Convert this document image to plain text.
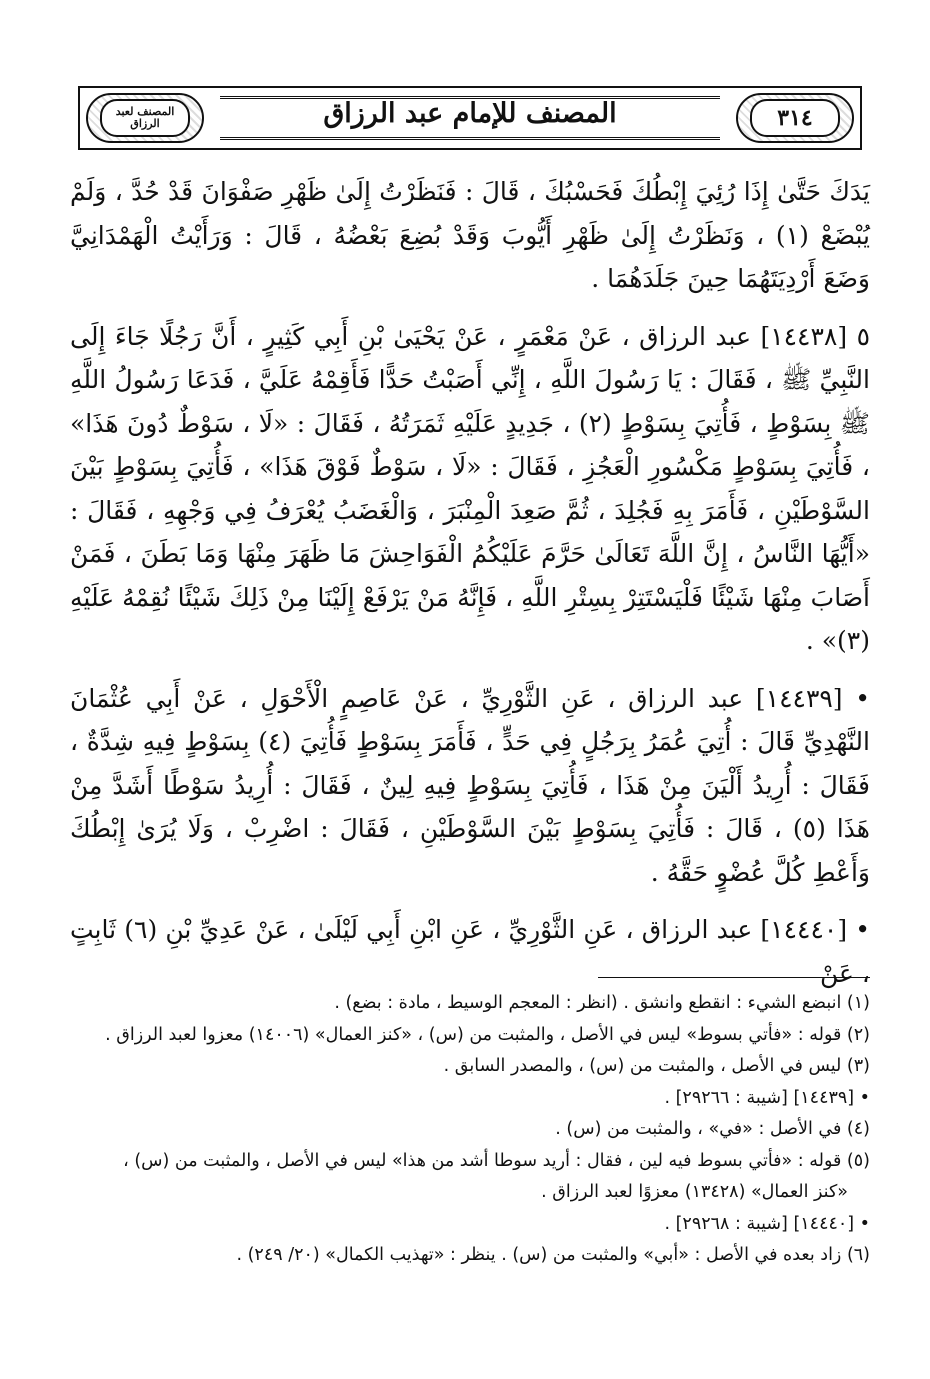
المصنف للإمام عبد الرزاق	٣١٤
المصنف لعبد الرزاق

يَدَكَ حَتَّىٰ إِذَا رُئِيَ إِبْطُكَ فَحَسْبُكَ ، قَالَ : فَنَظَرْتُ إِلَىٰ ظَهْرِ صَفْوَانَ قَدْ حُدَّ ، وَلَمْ يُبْضَعْ (١) ، وَنَظَرْتُ إِلَىٰ ظَهْرِ أَيُّوبَ وَقَدْ بُضِعَ بَعْضُهُ ، قَالَ : وَرَأَيْتُ الْهَمْدَانِيَّ وَضَعَ أَرْدِيَتَهُمَا حِينَ جَلَدَهُمَا .

٥ [١٤٤٣٨] عبد الرزاق ، عَنْ مَعْمَرٍ ، عَنْ يَحْيَىٰ بْنِ أَبِي كَثِيرٍ ، أَنَّ رَجُلًا جَاءَ إِلَى النَّبِيِّ ﷺ ، فَقَالَ : يَا رَسُولَ اللَّهِ ، إِنِّي أَصَبْتُ حَدًّا فَأَقِمْهُ عَلَيَّ ، فَدَعَا رَسُولُ اللَّهِ ﷺ بِسَوْطٍ ، فَأُتِيَ بِسَوْطٍ (٢) ، جَدِيدٍ عَلَيْهِ ثَمَرَتُهُ ، فَقَالَ : «لَا ، سَوْطٌ دُونَ هَذَا» ، فَأُتِيَ بِسَوْطٍ مَكْسُورِ الْعَجُزِ ، فَقَالَ : «لَا ، سَوْطٌ فَوْقَ هَذَا» ، فَأُتِيَ بِسَوْطٍ بَيْنَ السَّوْطَيْنِ ، فَأَمَرَ بِهِ فَجُلِدَ ، ثُمَّ صَعِدَ الْمِنْبَرَ ، وَالْغَضَبُ يُعْرَفُ فِي وَجْهِهِ ، فَقَالَ : «أَيُّهَا النَّاسُ ، إِنَّ اللَّهَ تَعَالَىٰ حَرَّمَ عَلَيْكُمُ الْفَوَاحِشَ مَا ظَهَرَ مِنْهَا وَمَا بَطَنَ ، فَمَنْ أَصَابَ مِنْهَا شَيْئًا فَلْيَسْتَتِرْ بِسِتْرِ اللَّهِ ، فَإِنَّهُ مَنْ يَرْفَعْ إِلَيْنَا مِنْ ذَلِكَ شَيْئًا نُقِمْهُ عَلَيْهِ (٣)» .

• [١٤٤٣٩] عبد الرزاق ، عَنِ الثَّوْرِيِّ ، عَنْ عَاصِمٍ الْأَحْوَلِ ، عَنْ أَبِي عُثْمَانَ النَّهْدِيِّ قَالَ : أُتِيَ عُمَرُ بِرَجُلٍ فِي حَدٍّ ، فَأَمَرَ بِسَوْطٍ فَأُتِيَ (٤) بِسَوْطٍ فِيهِ شِدَّةٌ ، فَقَالَ : أُرِيدُ أَلْيَنَ مِنْ هَذَا ، فَأُتِيَ بِسَوْطٍ فِيهِ لِينٌ ، فَقَالَ : أُرِيدُ سَوْطًا أَشَدَّ مِنْ هَذَا (٥) ، قَالَ : فَأُتِيَ بِسَوْطٍ بَيْنَ السَّوْطَيْنِ ، فَقَالَ : اضْرِبْ ، وَلَا يُرَىٰ إِبْطُكَ وَأَعْطِ كُلَّ عُضْوٍ حَقَّهُ .

• [١٤٤٤٠] عبد الرزاق ، عَنِ الثَّوْرِيِّ ، عَنِ ابْنِ أَبِي لَيْلَىٰ ، عَنْ عَدِيِّ بْنِ (٦) ثَابِتٍ ، عَنْ

(١) انبضع الشيء : انقطع وانشق . (انظر : المعجم الوسيط ، مادة : بضع) .
(٢) قوله : «فأتي بسوط» ليس في الأصل ، والمثبت من (س) ، «كنز العمال» (١٤٠٠٦) معزوا لعبد الرزاق .
(٣) ليس في الأصل ، والمثبت من (س) ، والمصدر السابق .
• [١٤٤٣٩] [شيبة : ٢٩٢٦٦] .
(٤) في الأصل : «في» ، والمثبت من (س) .
(٥) قوله : «فأتي بسوط فيه لين ، فقال : أريد سوطا أشد من هذا» ليس في الأصل ، والمثبت من (س) ،
«كنز العمال» (١٣٤٢٨) معزوًا لعبد الرزاق .
• [١٤٤٤٠] [شيبة : ٢٩٢٦٨] .
(٦) زاد بعده في الأصل : «أبي» والمثبت من (س) . ينظر : «تهذيب الكمال» (٢٠/ ٢٤٩) .
